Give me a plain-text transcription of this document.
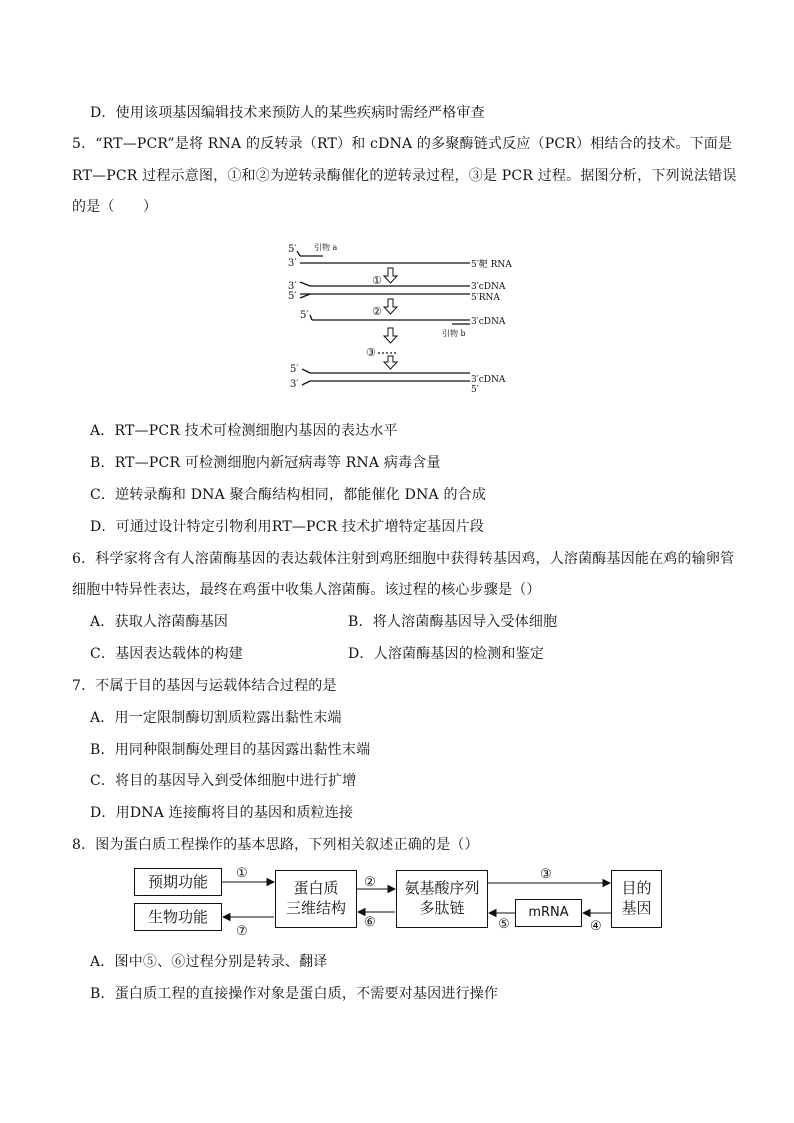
D．使用该项基因编辑技术来预防人的某些疾病时需经严格审查
5．“RT—PCR”是将 RNA 的反转录（RT）和 cDNA 的多聚酶链式反应（PCR）相结合的技术。下面是
RT—PCR 过程示意图，①和②为逆转录酶催化的逆转录过程，③是 PCR 过程。据图分析，下列说法错误
的是（　　）
5′
3′
引物 a
5′靶 RNA
3′
5′
3′cDNA
5′RNA
①
②
5′
3′cDNA
引物 b
③
5′
3′	3′cDNA
5′
A．RT—PCR 技术可检测细胞内基因的表达水平
B．RT—PCR 可检测细胞内新冠病毒等 RNA 病毒含量
C．逆转录酶和 DNA 聚合酶结构相同，都能催化 DNA 的合成
D．可通过设计特定引物利用RT—PCR 技术扩增特定基因片段
6．科学家将含有人溶菌酶基因的表达载体注射到鸡胚细胞中获得转基因鸡，人溶菌酶基因能在鸡的输卵管
细胞中特异性表达，最终在鸡蛋中收集人溶菌酶。该过程的核心步骤是（）
A．获取人溶菌酶基因	B．将人溶菌酶基因导入受体细胞
C．基因表达载体的构建	D．人溶菌酶基因的检测和鉴定
7．不属于目的基因与运载体结合过程的是
A．用一定限制酶切割质粒露出黏性末端
B．用同种限制酶处理目的基因露出黏性末端
C．将目的基因导入到受体细胞中进行扩增
D．用DNA 连接酶将目的基因和质粒连接
8．图为蛋白质工程操作的基本思路，下列相关叙述正确的是（）
预期功能
生物功能
蛋白质
三维结构
氨基酸序列
多肽链	mRNA
目的
基因
①
⑦
②
⑥
③
④
⑤
A．图中⑤、⑥过程分别是转录、翻译
B．蛋白质工程的直接操作对象是蛋白质，不需要对基因进行操作
